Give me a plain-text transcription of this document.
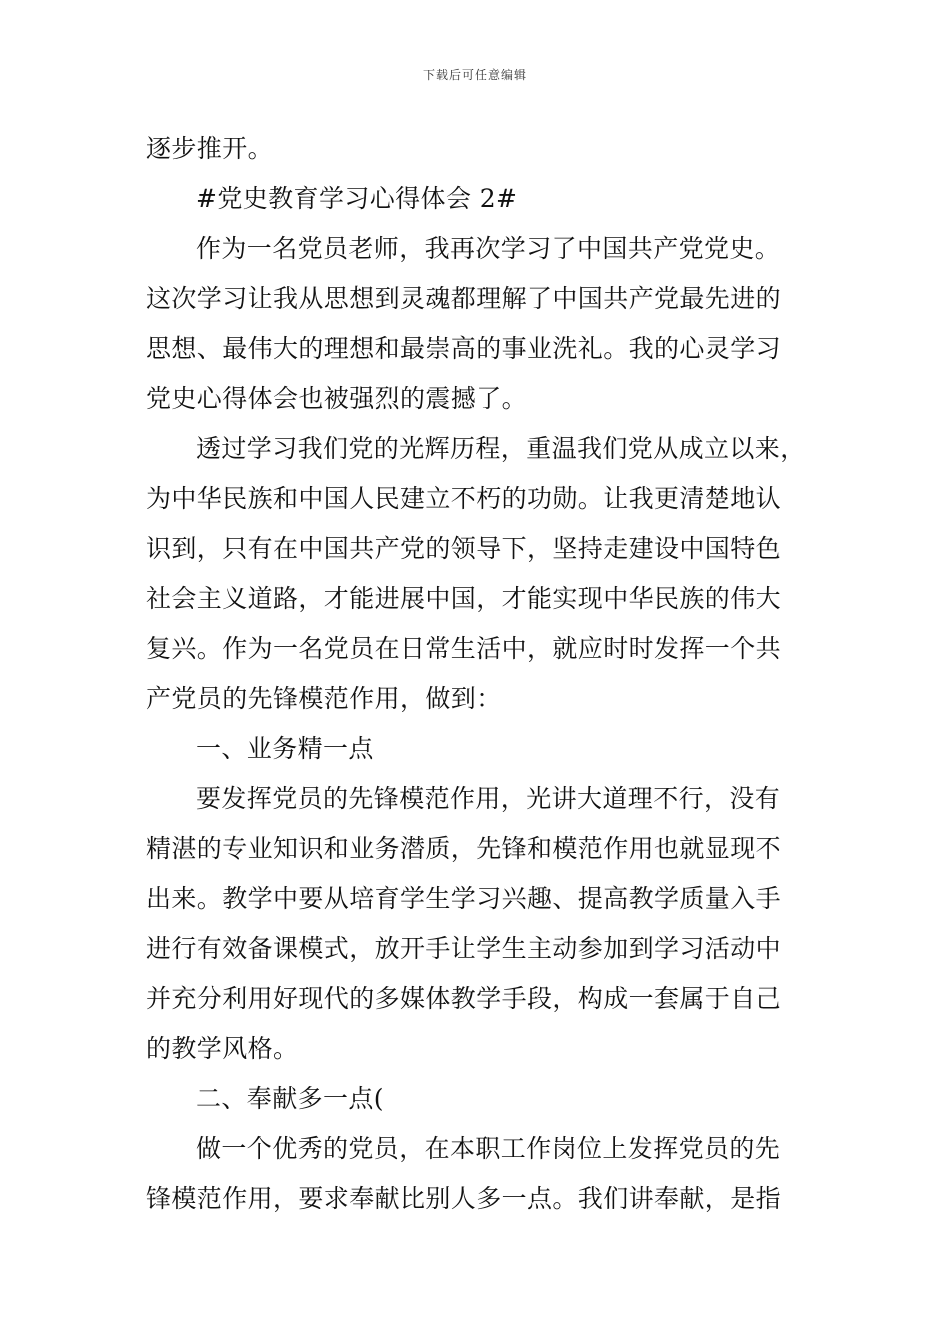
下载后可任意编辑
逐步推开。
#党史教育学习心得体会 2#
作为一名党员老师，我再次学习了中国共产党党史。
这次学习让我从思想到灵魂都理解了中国共产党最先进的
思想、最伟大的理想和最崇高的事业洗礼。我的心灵学习
党史心得体会也被强烈的震撼了。
透过学习我们党的光辉历程，重温我们党从成立以来，
为中华民族和中国人民建立不朽的功勋。让我更清楚地认
识到，只有在中国共产党的领导下，坚持走建设中国特色
社会主义道路，才能进展中国，才能实现中华民族的伟大
复兴。作为一名党员在日常生活中，就应时时发挥一个共
产党员的先锋模范作用，做到：
一、业务精一点
要发挥党员的先锋模范作用，光讲大道理不行，没有
精湛的专业知识和业务潜质，先锋和模范作用也就显现不
出来。教学中要从培育学生学习兴趣、提高教学质量入手
进行有效备课模式，放开手让学生主动参加到学习活动中
并充分利用好现代的多媒体教学手段，构成一套属于自己
的教学风格。
二、奉献多一点(
做一个优秀的党员，在本职工作岗位上发挥党员的先
锋模范作用，要求奉献比别人多一点。我们讲奉献，是指
